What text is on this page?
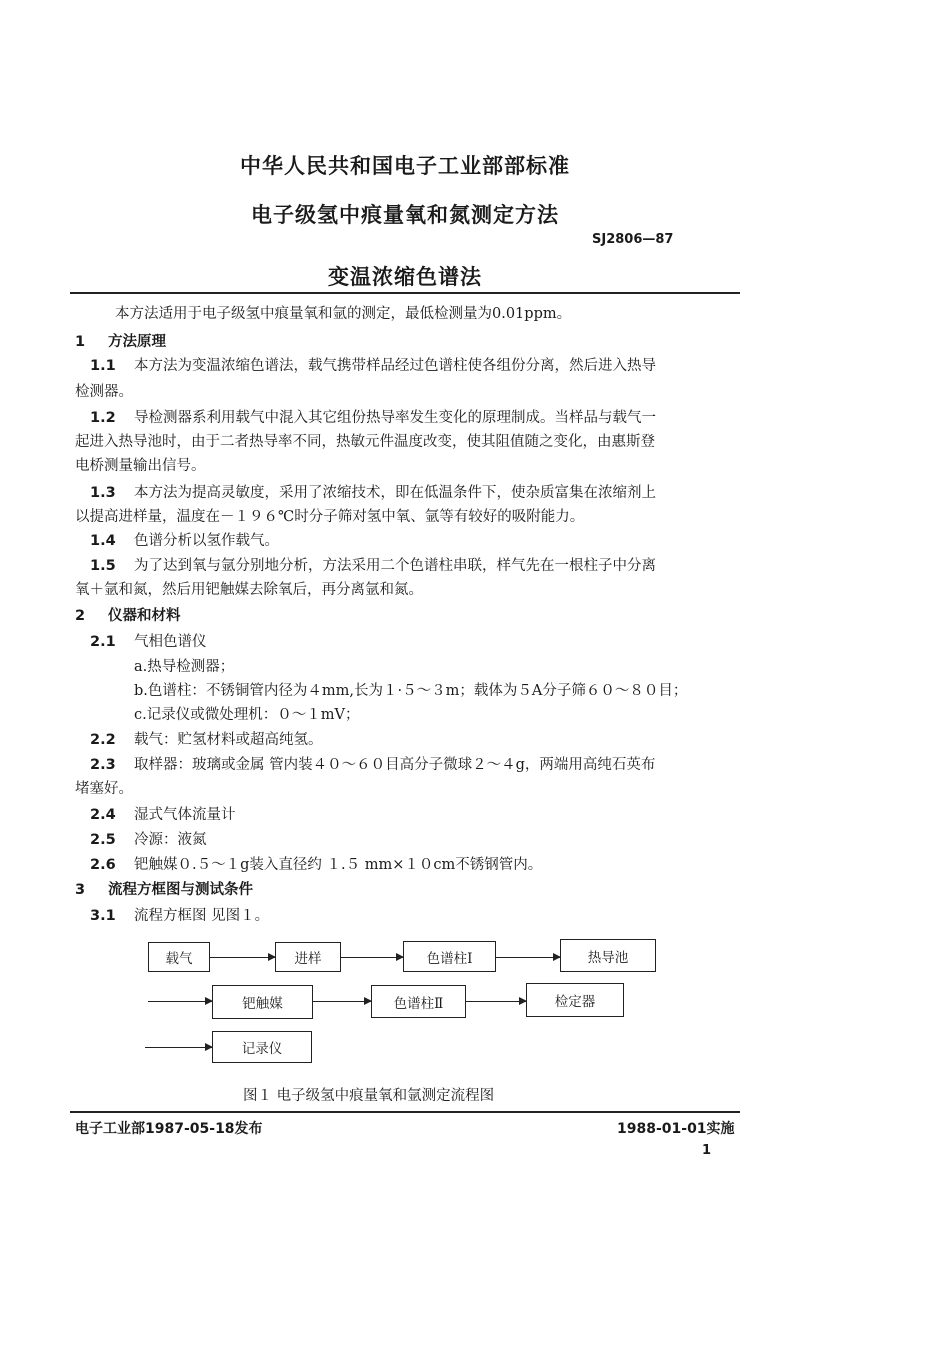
中华人民共和国电子工业部部标准
电子级氢中痕量氧和氮测定方法
SJ2806—87
变温浓缩色谱法
本方法适用于电子级氢中痕量氧和氩的测定，最低检测量为0.01ppm。
1 方法原理
1.1 本方法为变温浓缩色谱法，载气携带样品经过色谱柱使各组份分离，然后进入热导
检测器。
1.2 导检测器系利用载气中混入其它组份热导率发生变化的原理制成。当样品与载气一
起进入热导池时，由于二者热导率不同，热敏元件温度改变，使其阻值随之变化，由惠斯登
电桥测量输出信号。
1.3 本方法为提高灵敏度，采用了浓缩技术，即在低温条件下，使杂质富集在浓缩剂上
以提高进样量，温度在－１９６℃时分子筛对氢中氧、氩等有较好的吸附能力。
1.4 色谱分析以氢作载气。
1.5 为了达到氧与氩分别地分析，方法采用二个色谱柱串联，样气先在一根柱子中分离
氧＋氩和氮，然后用钯触媒去除氧后，再分离氩和氮。
2 仪器和材料
2.1 气相色谱仪
a.热导检测器；
b.色谱柱：不锈铜管内径为４mm,长为１·５～３m；载体为５A分子筛６０～８０目；
c.记录仪或微处理机：０～１mV；
2.2 载气：贮氢材料或超高纯氢。
2.3 取样器：玻璃或金属 管内装４０～６０目高分子微球２～４g，两端用高纯石英布
堵塞好。
2.4 湿式气体流量计
2.5 冷源：液氮
2.6 钯触媒０.５～１g装入直径约 １.５ mm×１０cm不锈钢管内。
3 流程方框图与测试条件
3.1 流程方框图 见图１。
载气	进样	色谱柱Ⅰ	热导池
钯触媒	色谱柱Ⅱ	检定器
记录仪
图１ 电子级氢中痕量氧和氩测定流程图
电子工业部1987-05-18发布	1988-01-01实施
1
